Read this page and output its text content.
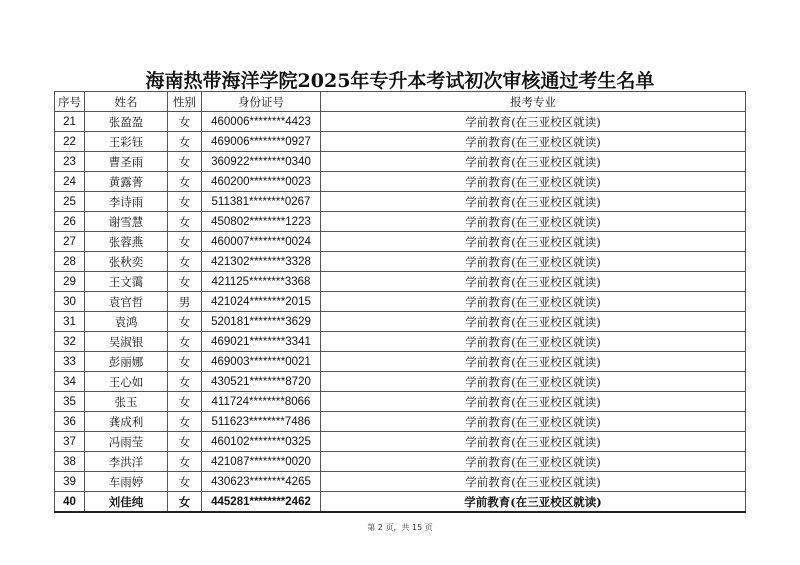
海南热带海洋学院2025年专升本考试初次审核通过考生名单
序号	姓名	性别	身份证号	报考专业
21	张盈盈	女	460006********4423	学前教育(在三亚校区就读)
22	王彩钰	女	469006********0927	学前教育(在三亚校区就读)
23	曹圣雨	女	360922********0340	学前教育(在三亚校区就读)
24	黄露菁	女	460200********0023	学前教育(在三亚校区就读)
25	李诗雨	女	511381********0267	学前教育(在三亚校区就读)
26	谢雪慧	女	450802********1223	学前教育(在三亚校区就读)
27	张蓉燕	女	460007********0024	学前教育(在三亚校区就读)
28	张秋奕	女	421302********3328	学前教育(在三亚校区就读)
29	王文霭	女	421125********3368	学前教育(在三亚校区就读)
30	袁官哲	男	421024********2015	学前教育(在三亚校区就读)
31	袁鸿	女	520181********3629	学前教育(在三亚校区就读)
32	吴淑银	女	469021********3341	学前教育(在三亚校区就读)
33	彭丽娜	女	469003********0021	学前教育(在三亚校区就读)
34	王心如	女	430521********8720	学前教育(在三亚校区就读)
35	张玉	女	411724********8066	学前教育(在三亚校区就读)
36	龚成利	女	511623********7486	学前教育(在三亚校区就读)
37	冯雨莹	女	460102********0325	学前教育(在三亚校区就读)
38	李洪洋	女	421087********0020	学前教育(在三亚校区就读)
39	车雨婷	女	430623********4265	学前教育(在三亚校区就读)
40	刘佳纯	女	445281********2462	学前教育(在三亚校区就读)
第 2 页，共 15 页
